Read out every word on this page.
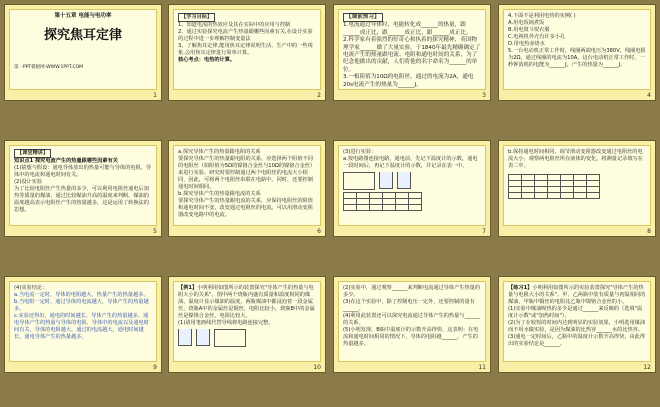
第十五章 电能与电功率

探究焦耳定律

第一PPT模板网-WWW.1PPT.COM

1

【学习目标】

1、知道电流的热效应及其在实际中的应用与控制

2、通过实验探究电流产生热量跟哪些因素有关,在设计实验的过程中进一步理解控制变量法

3、了解焦耳定律,能用焦耳定律说明生活、生产中的一些现象,会用焦耳定律进行简单计算。

核心考点：电热的计算。

2

【课前预习】

1.电流通过导体时，电能转化成______的热量，跟______成正比，跟______成正比，跟______成正比。

2.科学家有着强烈的好奇心和执着的探究精神，英国物理学家______做了大量实验，于1840年最先精确确定了电流产生的热量跟电流、电阻和通电时间的关系，为了纪念他做出的贡献，人们将他的名字命名为______的单位。

3.一根阻值为10Ω的电阻丝，通过的电流为2A，通电20s电流产生的热量为______J。

3

4.下面不是利用电热的实例( )

A.用电饭锅煮饭

B.用电熨斗熨衣服

C.电视机外壳有许多小孔

D.用电热壶烧水

5.一台电动机正常工作时，线圈两端电压为380V，线圈电阻为2Ω，通过线圈的电流为10A，这台电动机正常工作时，一秒钟消耗的电能为______J，产生的热量为______J。

4

【课堂精讲】

知识点1 探究电流产生的热量跟哪些因素有关

(1)猜想与假设：通电导体放出的热量可能与导体的电阻、导体中的电流和通电时间有关。

(2)设计实验

为了比较电阻丝产生热量的多少，可以利用电阻丝通电后加热等质量的煤油，通过比较煤油升高的温度来判断。煤油的温度越高表示电阻丝产生的热量越多，这是运用了转换法的思想。

5

a.探究导体产生的热量跟电阻的关系

要探究导体产生的热量跟电阻的关系，应选择两个阻值不同的电阻丝（如阻值为5Ω的镍铬合金丝与10Ω的镍铬合金丝）来进行实验。研究时要控制通过两个电阻丝的电流大小相同，因此，可将两个电阻丝串联在电路中。同时，还要控制通电时间相同。

b.探究导体产生的热量跟电流的关系

要探究导体产生的热量跟电流的关系，应保持电阻丝的阻值和通电时间不变，改变通过电阻丝的电流。可以用滑动变阻器改变电路中的电流。

6

(3)进行实验：

a.按电路图连接电路，通电前，先记下温度计的示数，通电一段时间后，再记下温度计的示数，并记录在表一中。

7

b.保持通电时间相同，调节滑动变阻器改变通过电阻丝的电流大小，观察两电阻丝所在液体的变化，将测量记录填写在表二中。

8

(4)实验结论：

a.当电流一定时，导体的电阻越大，热量产生的热量越多。

b.当电阻一定时，通过导体的电流越大，导体产生的热量越多。

c.实验还得出，通电的时间越长，导体产生的热量越多。通电导体产生的热量与导体的电阻、导体中的电流以及通电时间有关，导体的电阻越大，通过的电流越大，通电时间越长，通电导体产生的热量越多。

9

【例1】小明利用如图所示的装置探究"导体产生的热量与电阻大小的关系"。图中两个烧瓶内盛有质量和温度相同的煤油，温度计显示煤油的温度，两瓶煤油中都浸泡着一段金属丝，烧瓶A中的金属丝是铜丝，电阻比较小，烧瓶B中的金属丝是镍铬合金丝，电阻比较大。

(1)请用笔画线代替导线将电路连接完整。

10

(2)实验中，通过观察______来判断电流通过导体产生热量的多少。

(3)在这个实验中，除了控制电压一定外，还要控制的量有______。

(4)利用此装置还可以探究电流通过导体产生的热量与______的关系。

(5)小明发现，B瓶中温度计的示数升高得快，这表明：在电流和通电时间相同的情况下，导体的电阻越______，产生的热量越多。

11

【练习1】小明利用如图所示的实验装置探究"导体产生的热量与电阻大小的关系"。甲、乙两瓶中装有质量与初温相同的煤油，甲瓶中铜丝的电阻比乙瓶中镍铬合金丝的小。

(1)实验中煤油吸热的多少是通过______来反映的（选填"温度计示数"或"加热时间"）。

(2)为了在较短的时间内达到明显的实验效果，小明选用煤油而不用水做实验，是因为煤油的比热容______水的比热容。

(3)通电一定时间后，乙瓶中的温度计示数升高得快，由此得出的实验结论是______。

12
